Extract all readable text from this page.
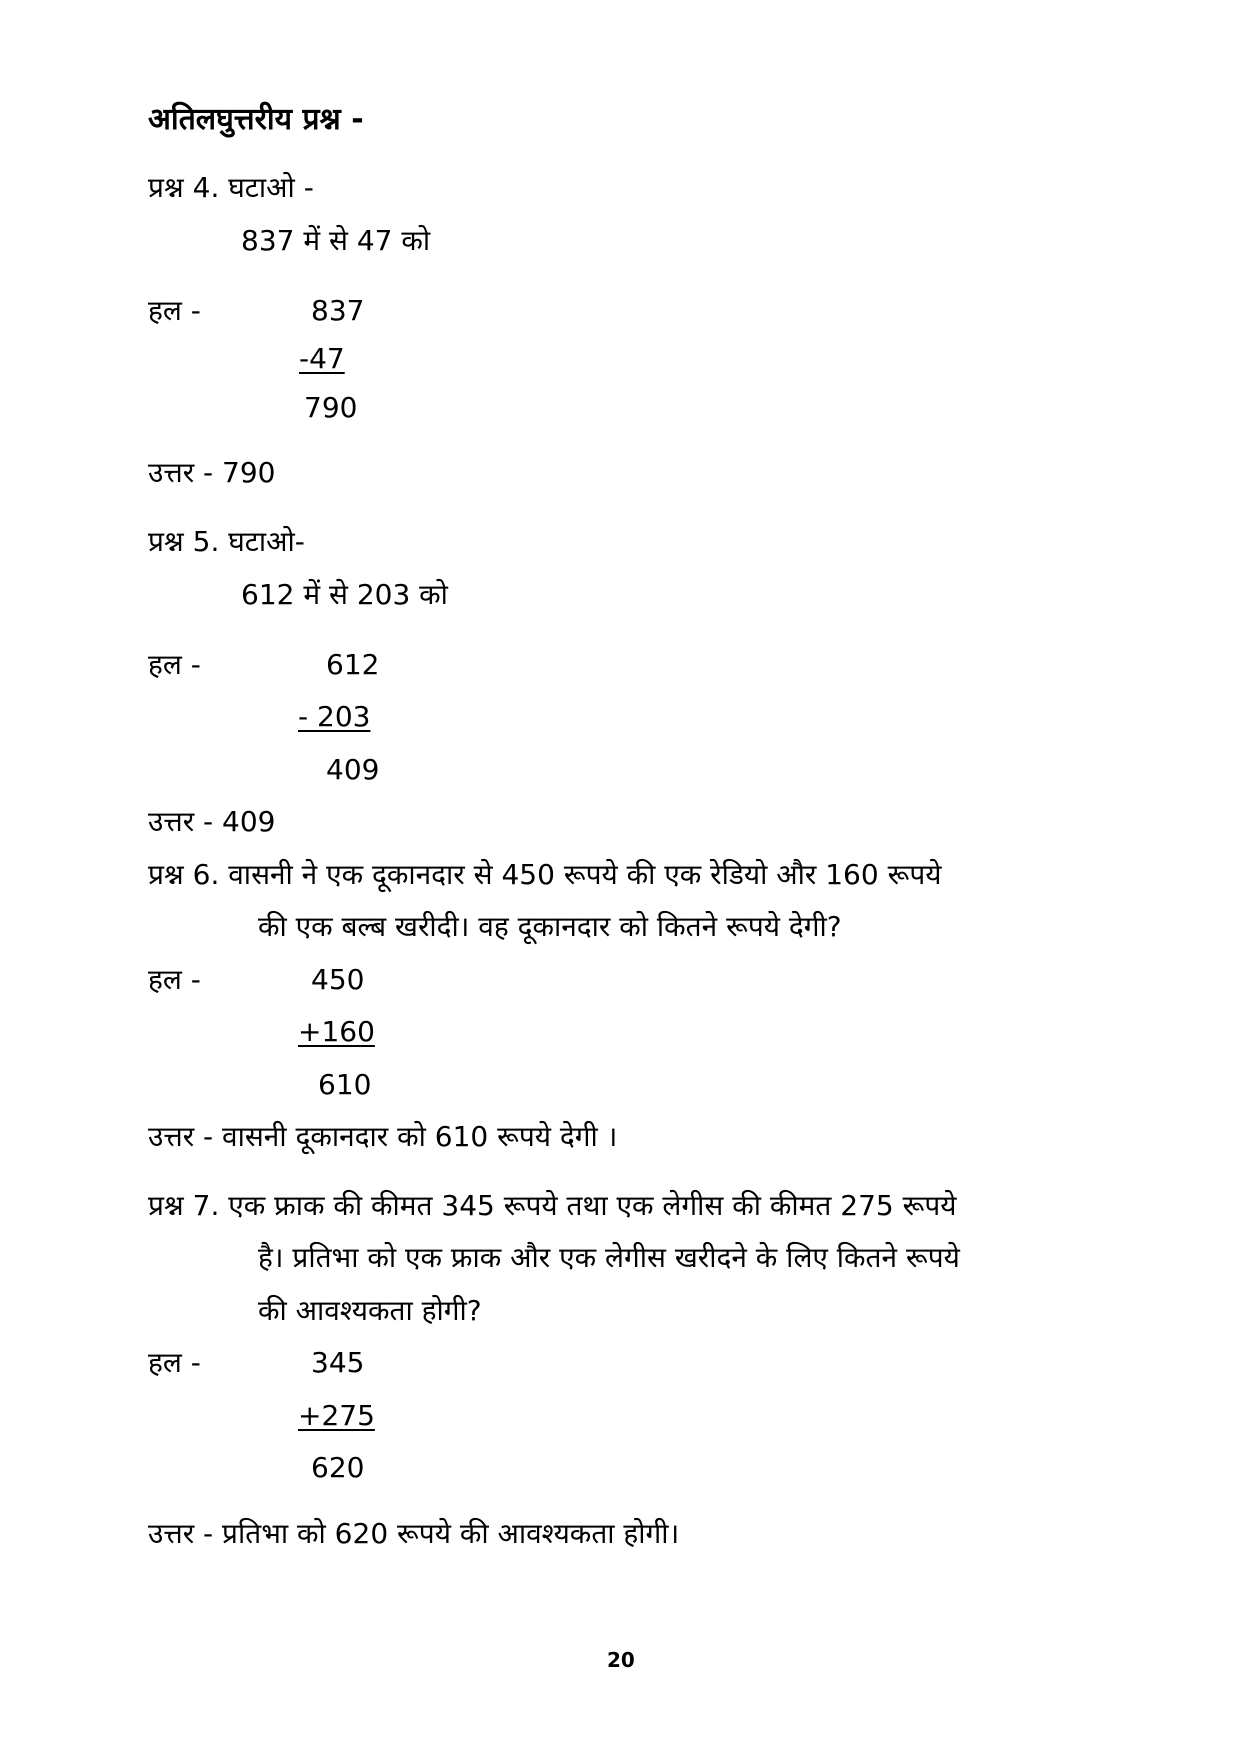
अतिलघुत्तरीय प्रश्न -
प्रश्न 4. घटाओ -
837 में से 47 को
हल -	837
-47
790
उत्तर - 790
प्रश्न 5. घटाओ-
612 में से 203 को
हल -	612
- 203
409
उत्तर - 409
प्रश्न 6. वासनी ने एक दूकानदार से 450 रूपये की एक रेडियो और 160 रूपये
की एक बल्ब खरीदी। वह दूकानदार को कितने रूपये देगी?
हल -	450
+160
610
उत्तर - वासनी दूकानदार को 610 रूपये देगी ।
प्रश्न 7. एक फ्राक की कीमत 345 रूपये तथा एक लेगीस की कीमत 275 रूपये
है। प्रतिभा को एक फ्राक और एक लेगीस खरीदने के लिए कितने रूपये
की आवश्यकता होगी?
हल -	345
+275
620
उत्तर - प्रतिभा को 620 रूपये की आवश्यकता होगी।
20
